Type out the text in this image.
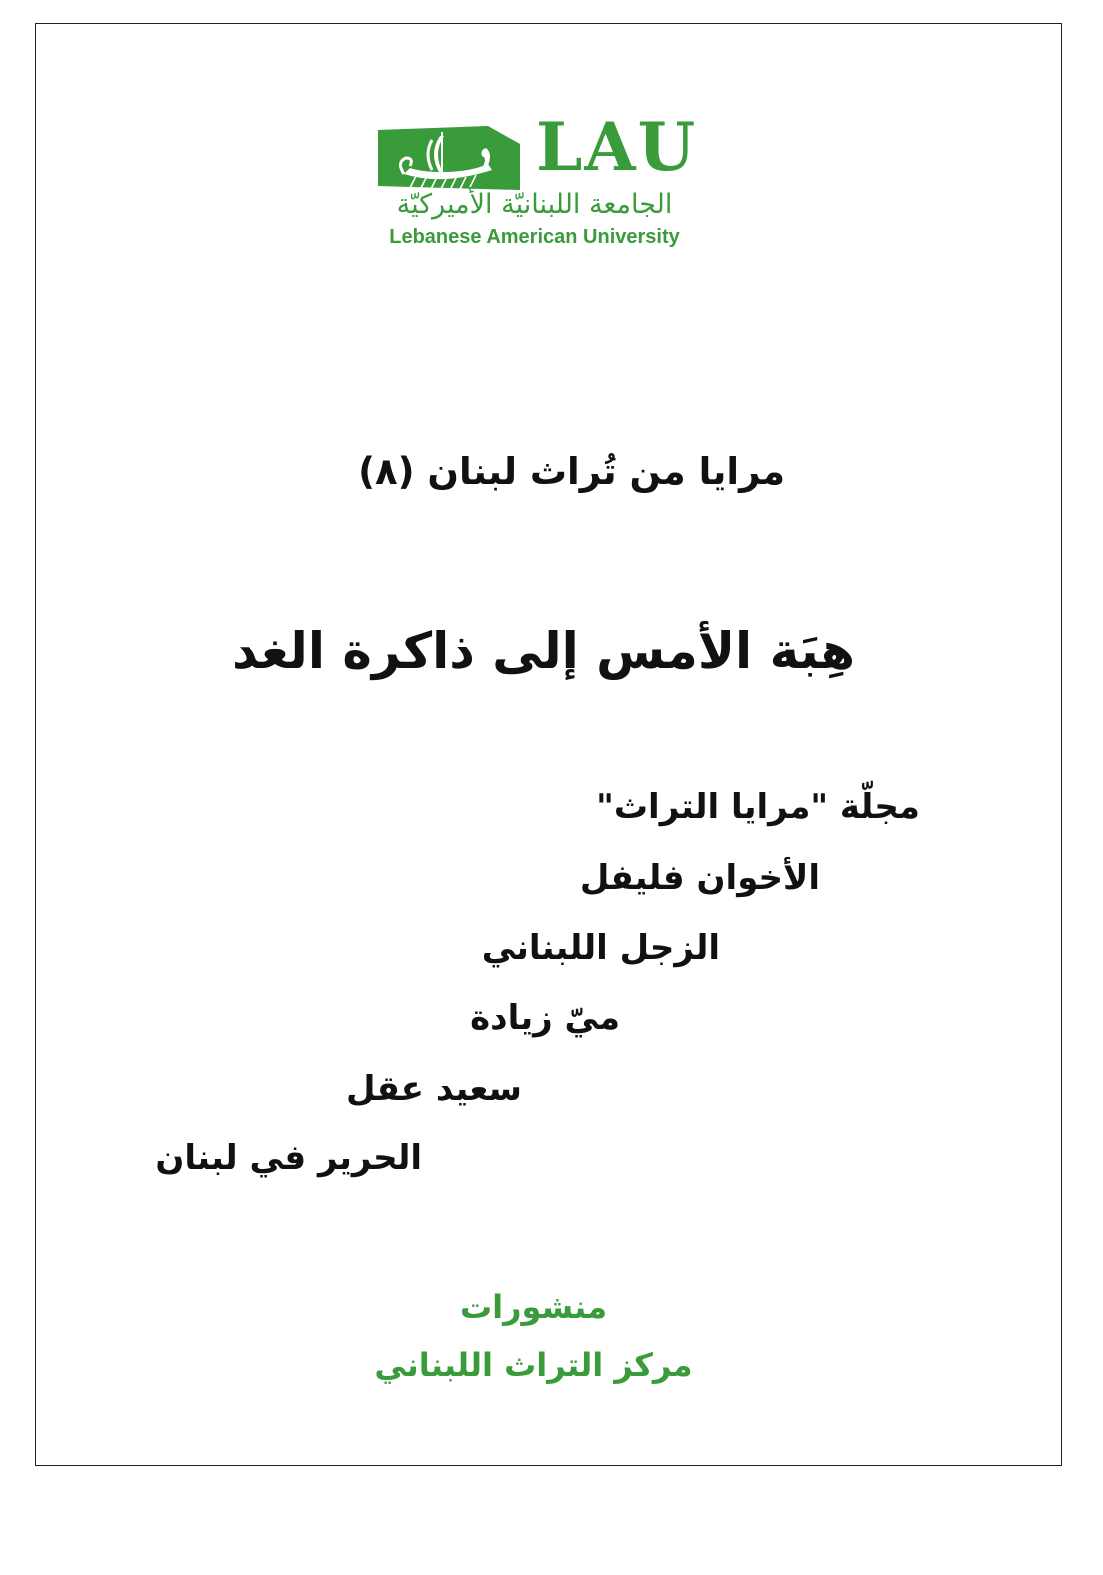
LAU
الجامعة اللبنانيّة الأميركيّة
Lebanese American University
مرايا من تُراث لبنان (٨)
هِبَة الأمس إلى ذاكرة الغد
مجلّة "مرايا التراث"
الأخوان فليفل
الزجل اللبناني
ميّ زيادة
سعيد عقل
الحرير في لبنان
منشورات
مركز التراث اللبناني
